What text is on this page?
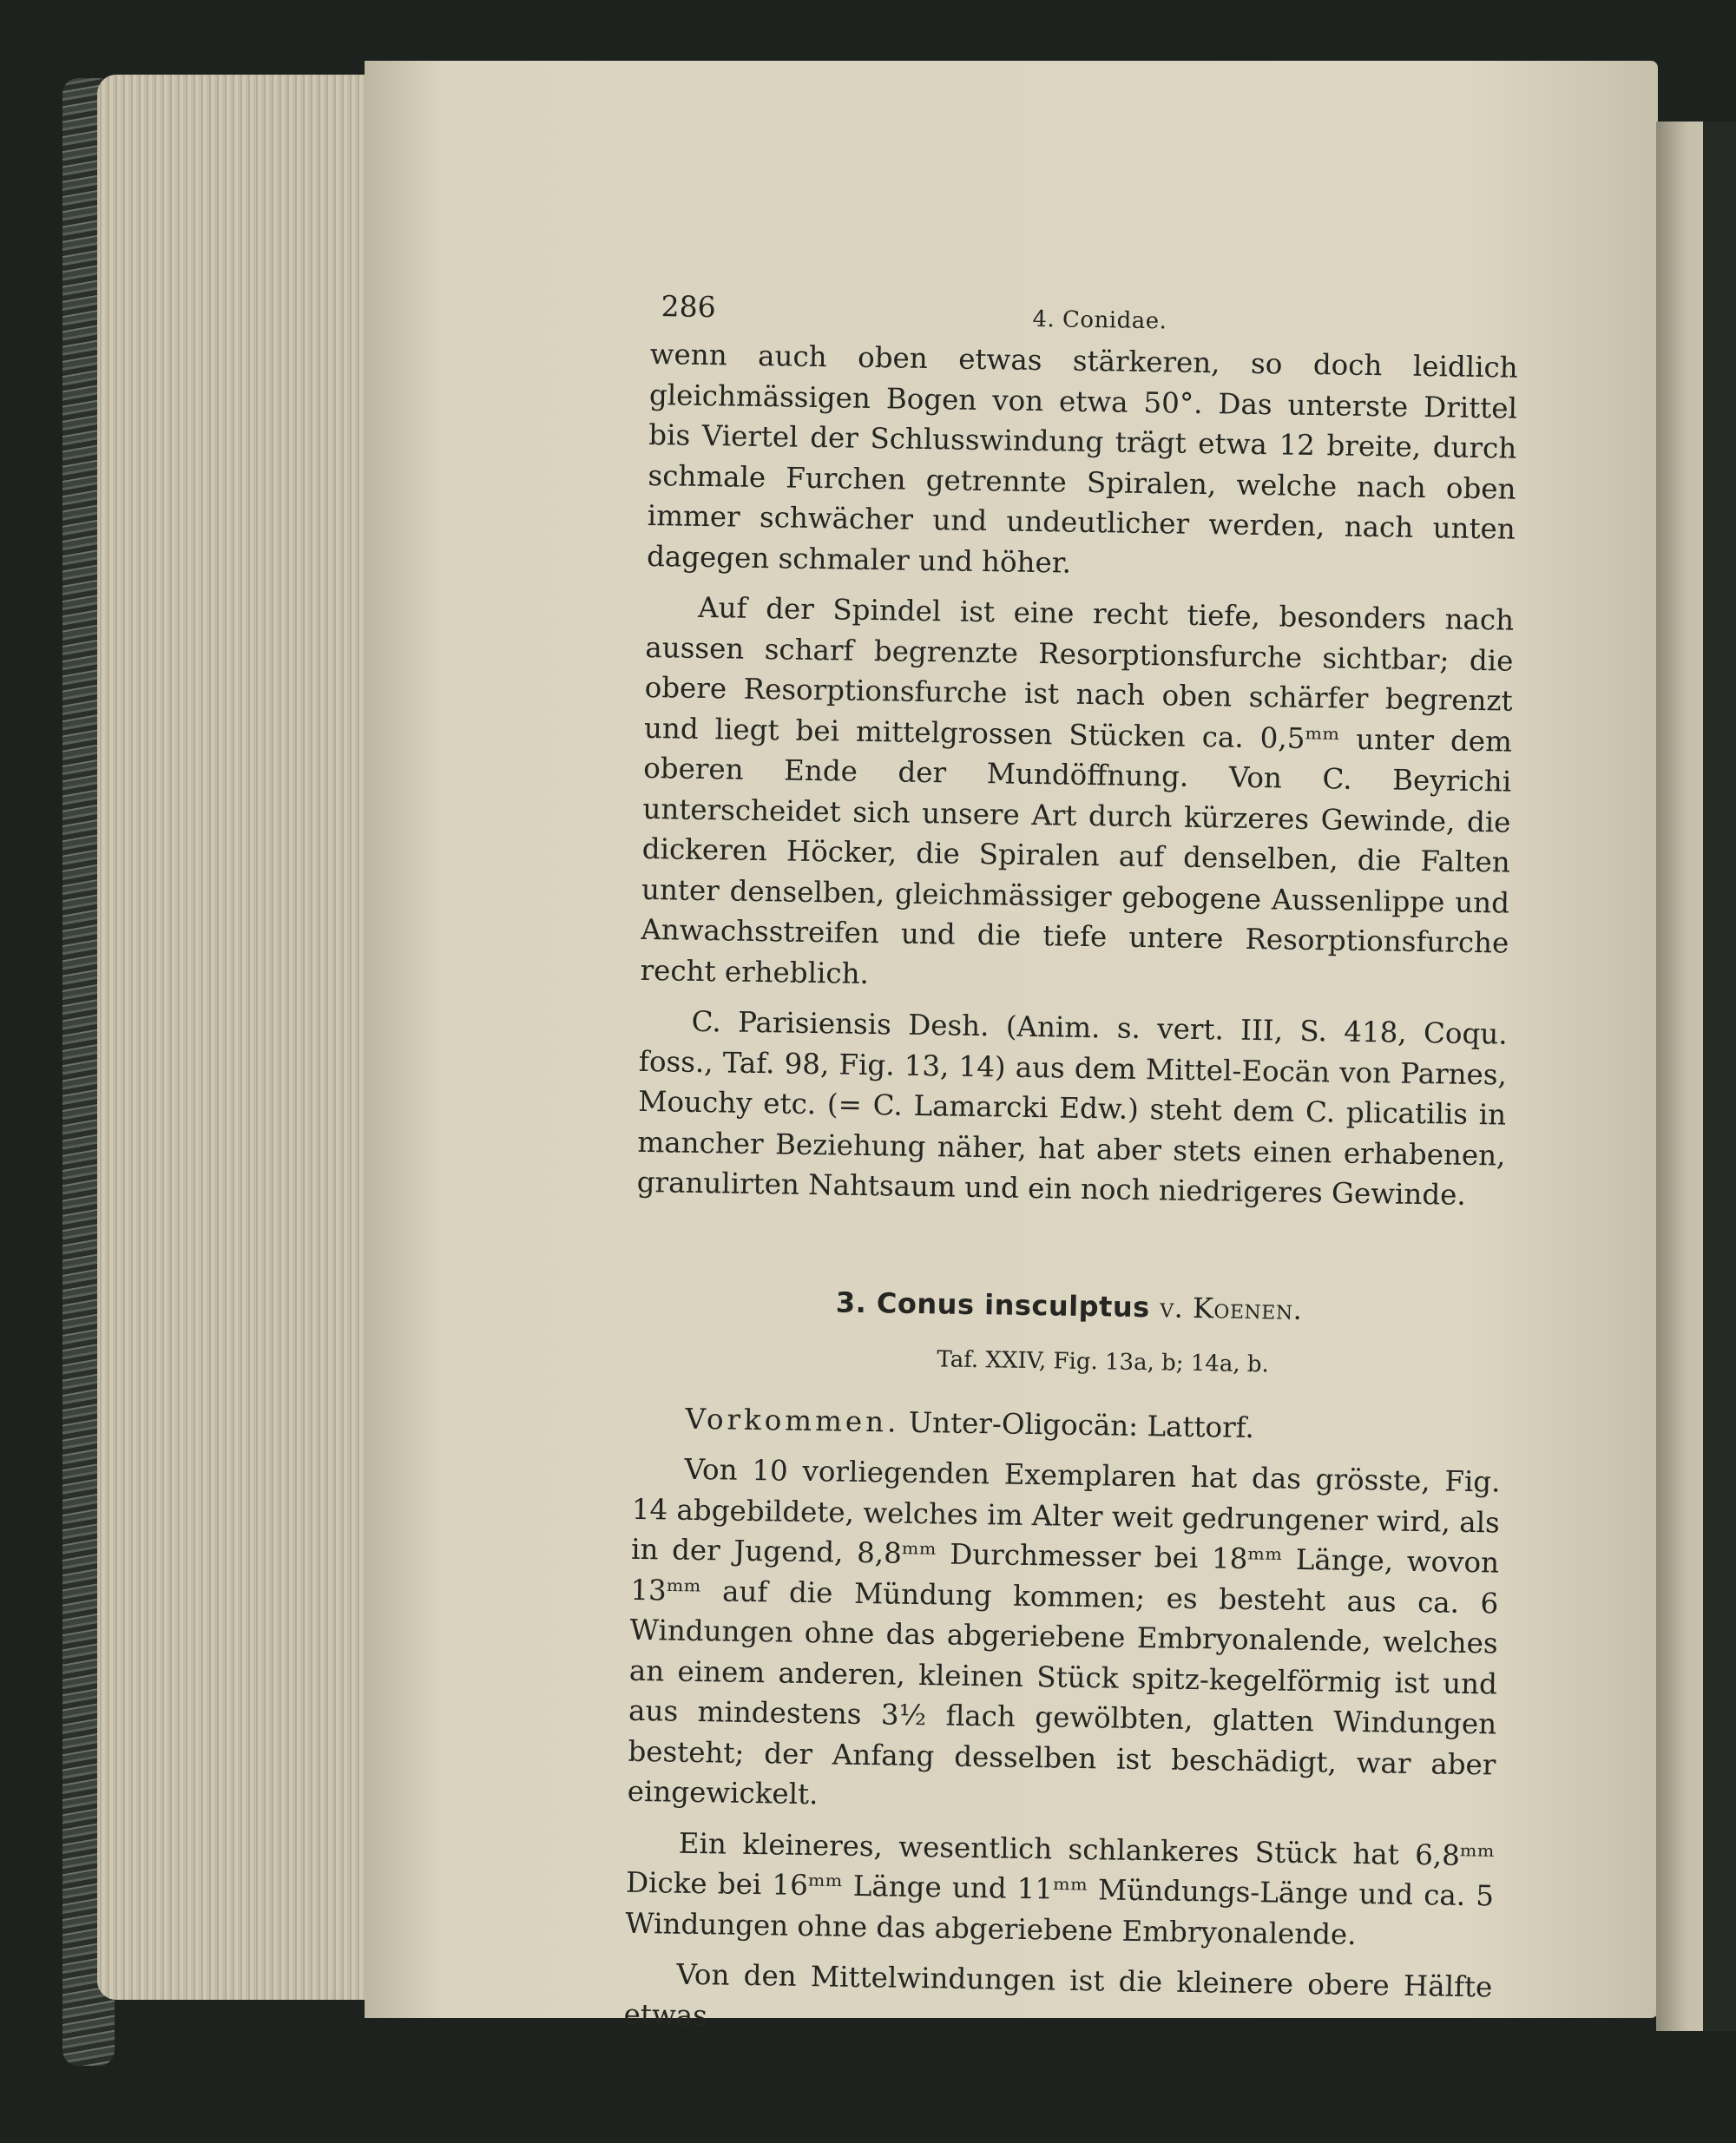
286	4. Conidae.

wenn auch oben etwas stärkeren, so doch leidlich gleichmässigen Bogen von etwa 50°. Das unterste Drittel bis Viertel der Schlusswindung trägt etwa 12 breite, durch schmale Furchen getrennte Spiralen, welche nach oben immer schwächer und undeutlicher werden, nach unten dagegen schmaler und höher.

Auf der Spindel ist eine recht tiefe, besonders nach aussen scharf begrenzte Resorptionsfurche sichtbar; die obere Resorptionsfurche ist nach oben schärfer begrenzt und liegt bei mittelgrossen Stücken ca. 0,5ᵐᵐ unter dem oberen Ende der Mundöffnung. Von C. Beyrichi unterscheidet sich unsere Art durch kürzeres Gewinde, die dickeren Höcker, die Spiralen auf denselben, die Falten unter denselben, gleichmässiger gebogene Aussenlippe und Anwachsstreifen und die tiefe untere Resorptionsfurche recht erheblich.

C. Parisiensis Desh. (Anim. s. vert. III, S. 418, Coqu. foss., Taf. 98, Fig. 13, 14) aus dem Mittel-Eocän von Parnes, Mouchy etc. (= C. Lamarcki Edw.) steht dem C. plicatilis in mancher Beziehung näher, hat aber stets einen erhabenen, granulirten Nahtsaum und ein noch niedrigeres Gewinde.

3. Conus insculptus v. Koenen.
Taf. XXIV, Fig. 13a, b; 14a, b.

Vorkommen. Unter-Oligocän: Lattorf.

Von 10 vorliegenden Exemplaren hat das grösste, Fig. 14 abgebildete, welches im Alter weit gedrungener wird, als in der Jugend, 8,8ᵐᵐ Durchmesser bei 18ᵐᵐ Länge, wovon 13ᵐᵐ auf die Mündung kommen; es besteht aus ca. 6 Windungen ohne das abgeriebene Embryonalende, welches an einem anderen, kleinen Stück spitz-kegelförmig ist und aus mindestens 3½ flach gewölbten, glatten Windungen besteht; der Anfang desselben ist beschädigt, war aber eingewickelt.

Ein kleineres, wesentlich schlankeres Stück hat 6,8ᵐᵐ Dicke bei 16ᵐᵐ Länge und 11ᵐᵐ Mündungs-Länge und ca. 5 Windungen ohne das abgeriebene Embryonalende.

Von den Mittelwindungen ist die kleinere obere Hälfte etwas
